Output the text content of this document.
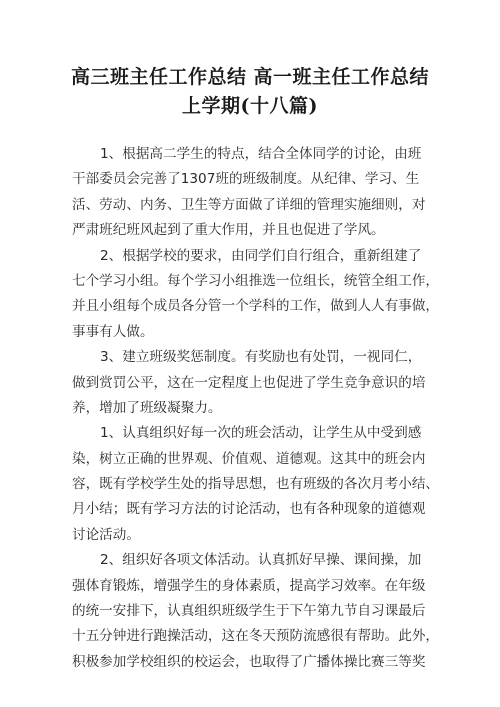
高三班主任工作总结 高一班主任工作总结
上学期(十八篇)
1、根据高二学生的特点，结合全体同学的讨论，由班
干部委员会完善了1307班的班级制度。从纪律、学习、生
活、劳动、内务、卫生等方面做了详细的管理实施细则，对
严肃班纪班风起到了重大作用，并且也促进了学风。
2、根据学校的要求，由同学们自行组合，重新组建了
七个学习小组。每个学习小组推选一位组长，统管全组工作，
并且小组每个成员各分管一个学科的工作，做到人人有事做，
事事有人做。
3、建立班级奖惩制度。有奖励也有处罚，一视同仁，
做到赏罚公平，这在一定程度上也促进了学生竞争意识的培
养，增加了班级凝聚力。
1、认真组织好每一次的班会活动，让学生从中受到感
染，树立正确的世界观、价值观、道德观。这其中的班会内
容，既有学校学生处的指导思想，也有班级的各次月考小结、
月小结；既有学习方法的讨论活动，也有各种现象的道德观
讨论活动。
2、组织好各项文体活动。认真抓好早操、课间操，加
强体育锻炼，增强学生的身体素质，提高学习效率。在年级
的统一安排下，认真组织班级学生于下午第九节自习课最后
十五分钟进行跑操活动，这在冬天预防流感很有帮助。此外，
积极参加学校组织的校运会，也取得了广播体操比赛三等奖
